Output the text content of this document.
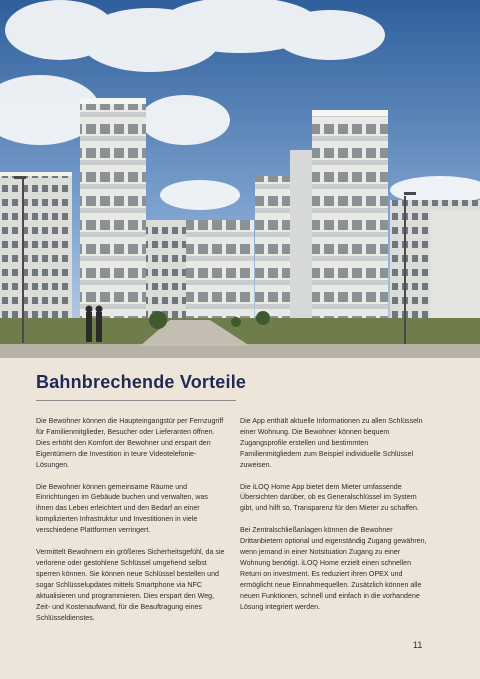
Bahnbrechende Vorteile

Die Bewohner können die Haupteingangstür per Fernzugriff für Familienmitglieder, Besucher oder Lieferanten öffnen. Dies erhöht den Komfort der Bewohner und erspart den Eigentümern die Investition in teure Videotelefonie-Lösungen.

Die Bewohner können gemeinsame Räume und Einrichtungen im Gebäude buchen und verwalten, was ihnen das Leben erleichtert und den Bedarf an einer komplizierten Infrastruktur und Investitionen in viele verschiedene Plattformen verringert.

Vermittelt Bewohnern ein größeres Sicherheitsgefühl, da sie verlorene oder gestohlene Schlüssel umgehend selbst sperren können. Sie können neue Schlüssel bestellen und sogar Schlüsselupdates mittels Smartphone via NFC aktualisieren und programmieren. Dies erspart den Weg, Zeit- und Kostenaufwand, für die Beauftragung eines Schlüsseldienstes.

Die App enthält aktuelle Informationen zu allen Schlüsseln einer Wohnung. Die Bewohner können bequem Zugangsprofile erstellen und bestimmten Familienmitgliedern zum Beispiel individuelle Schlüssel zuweisen.

Die iLOQ Home App bietet dem Mieter umfassende Übersichten darüber, ob es Generalschlüssel im System gibt, und hilft so, Transparenz für den Mieter zu schaffen.

Bei Zentralschließanlagen können die Bewohner Drittanbietern optional und eigenständig Zugang gewähren, wenn jemand in einer Notsituation Zugang zu einer Wohnung benötigt. iLOQ Home erzielt einen schnellen Return on investment. Es reduziert ihren OPEX und ermöglicht neue Einnahmequellen. Zusätzlich können alle neuen Funktionen, schnell und einfach in die vorhandene Lösung integriert werden.

11
